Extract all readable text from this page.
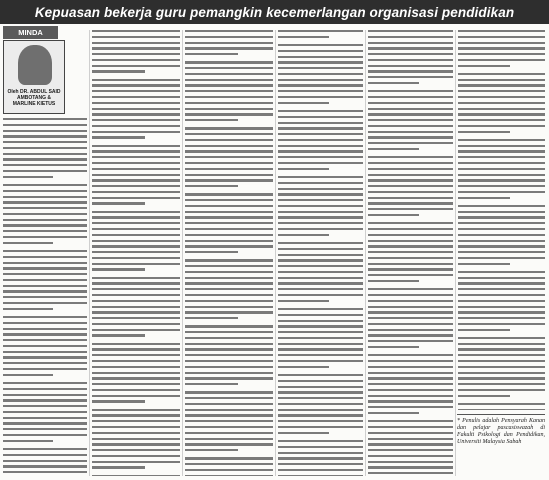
Kepuasan bekerja guru pemangkin kecemerlangan organisasi pendidikan
MINDA
Oleh DR. ABDUL SAID AMBOTANG & MARLINE KIETUS
* Penulis adalah Pensyarah Kanan dan pelajar pascasiswazah di Fakulti Psikologi dan Pendidikan, Universiti Malaysia Sabah
